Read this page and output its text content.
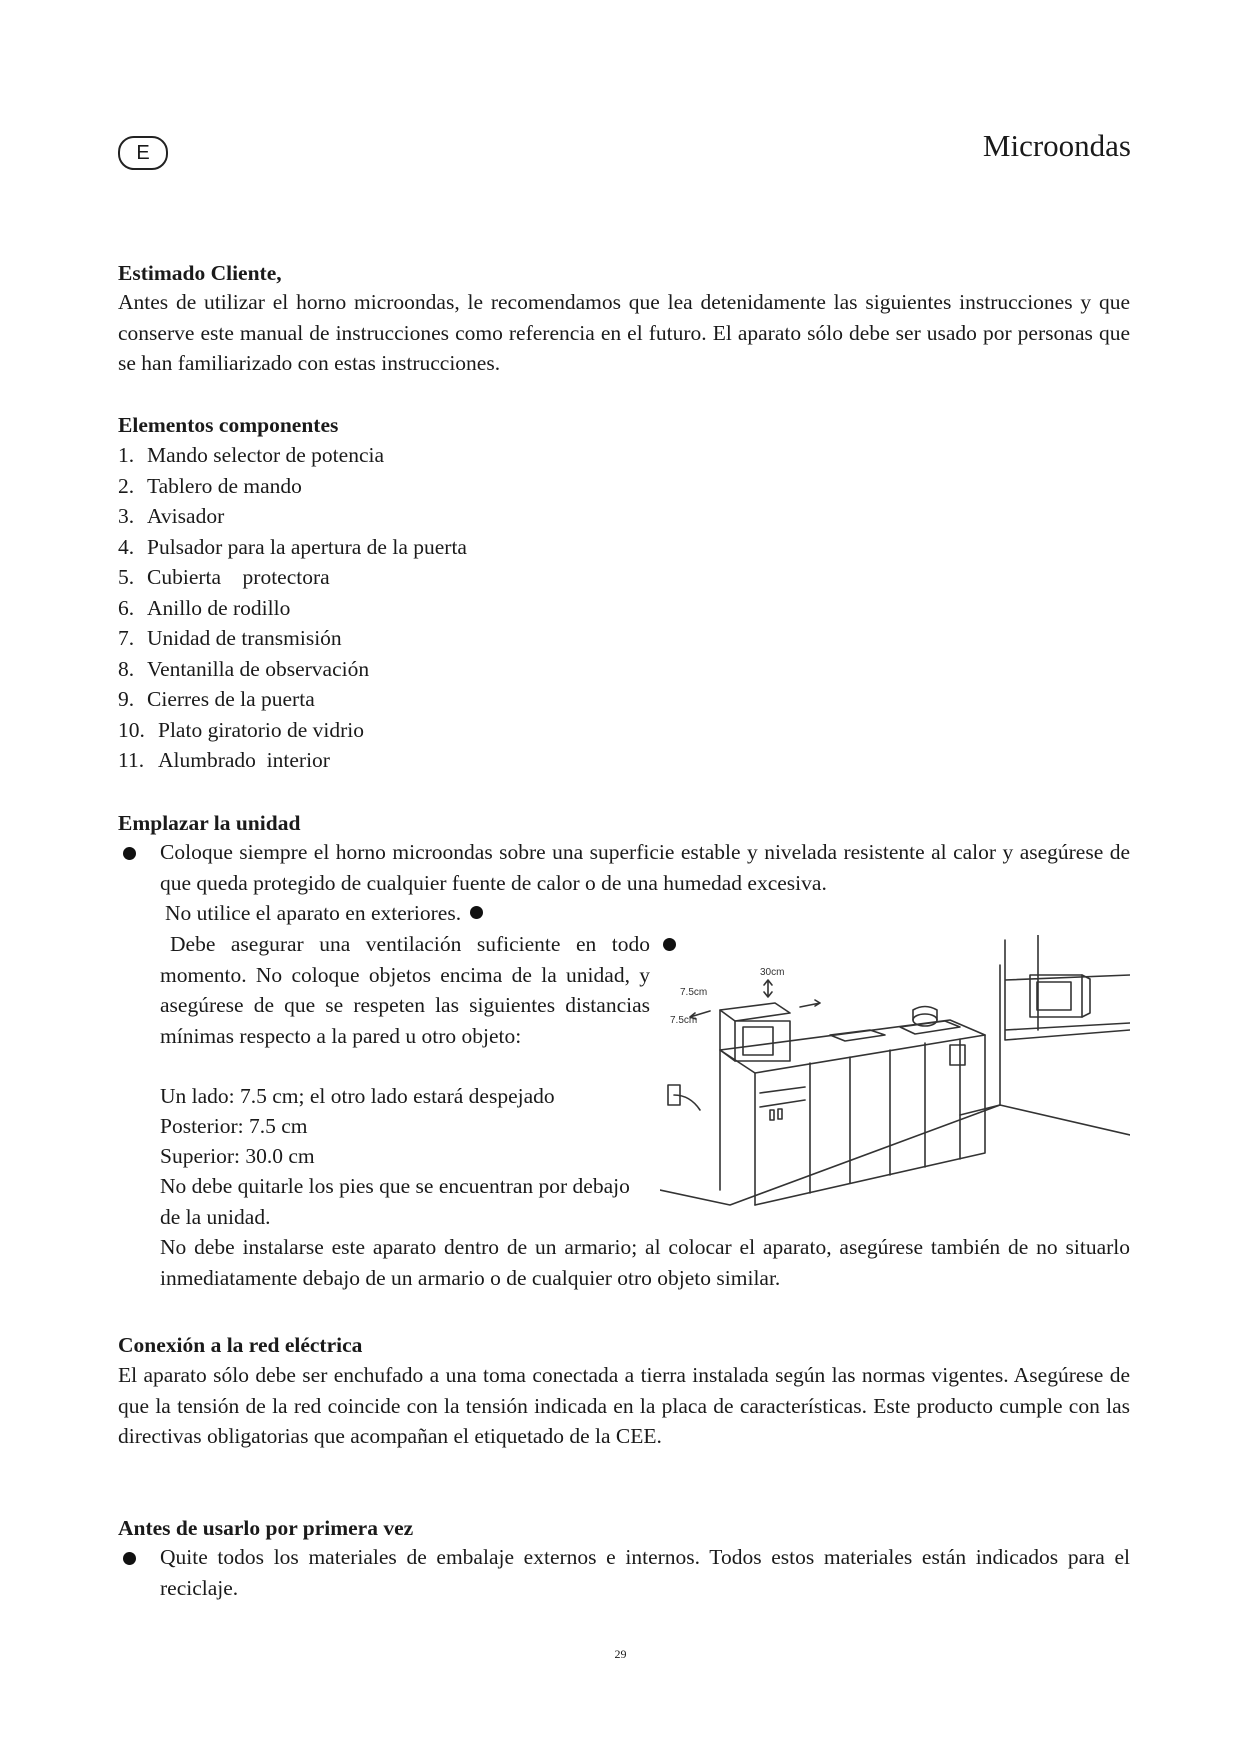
E	Microondas
Estimado Cliente,
Antes de utilizar el horno microondas, le recomendamos que lea detenidamente las siguientes instrucciones y que conserve este manual de instrucciones como referencia en el futuro. El aparato sólo debe ser usado por personas que se han familiarizado con estas instrucciones.
Elementos componentes
1. Mando selector de potencia
2. Tablero de mando
3. Avisador
4. Pulsador para la apertura de la puerta
5. Cubierta    protectora
6. Anillo de rodillo
7. Unidad de transmisión
8. Ventanilla de observación
9. Cierres de la puerta
10. Plato giratorio de vidrio
11. Alumbrado  interior
Emplazar la unidad
Coloque siempre el horno microondas sobre una superficie estable y nivelada resistente al calor y asegúrese de que queda protegido de cualquier fuente de calor o de una humedad excesiva.
No utilice el aparato en exteriores.
Debe asegurar una ventilación suficiente en todo momento. No coloque objetos encima de la unidad, y asegúrese de que se respeten las siguientes distancias mínimas respecto a la pared u otro objeto:
Un lado: 7.5 cm; el otro lado estará despejado
Posterior: 7.5 cm
Superior: 30.0 cm
No debe quitarle los pies que se encuentran por debajo de la unidad.
No debe instalarse este aparato dentro de un armario; al colocar el aparato, asegúrese también de no situarlo inmediatamente debajo de un armario o de cualquier otro objeto similar.
30cm
7.5cm
7.5cm
Conexión a la red eléctrica
El aparato sólo debe ser enchufado a una toma conectada a tierra instalada según las normas vigentes. Asegúrese de que la tensión de la red coincide con la tensión indicada en la placa de características. Este producto cumple con las directivas obligatorias que acompañan el etiquetado de la CEE.
Antes de usarlo por primera vez
Quite todos los materiales de embalaje externos e internos. Todos estos materiales están indicados para el reciclaje.
29
